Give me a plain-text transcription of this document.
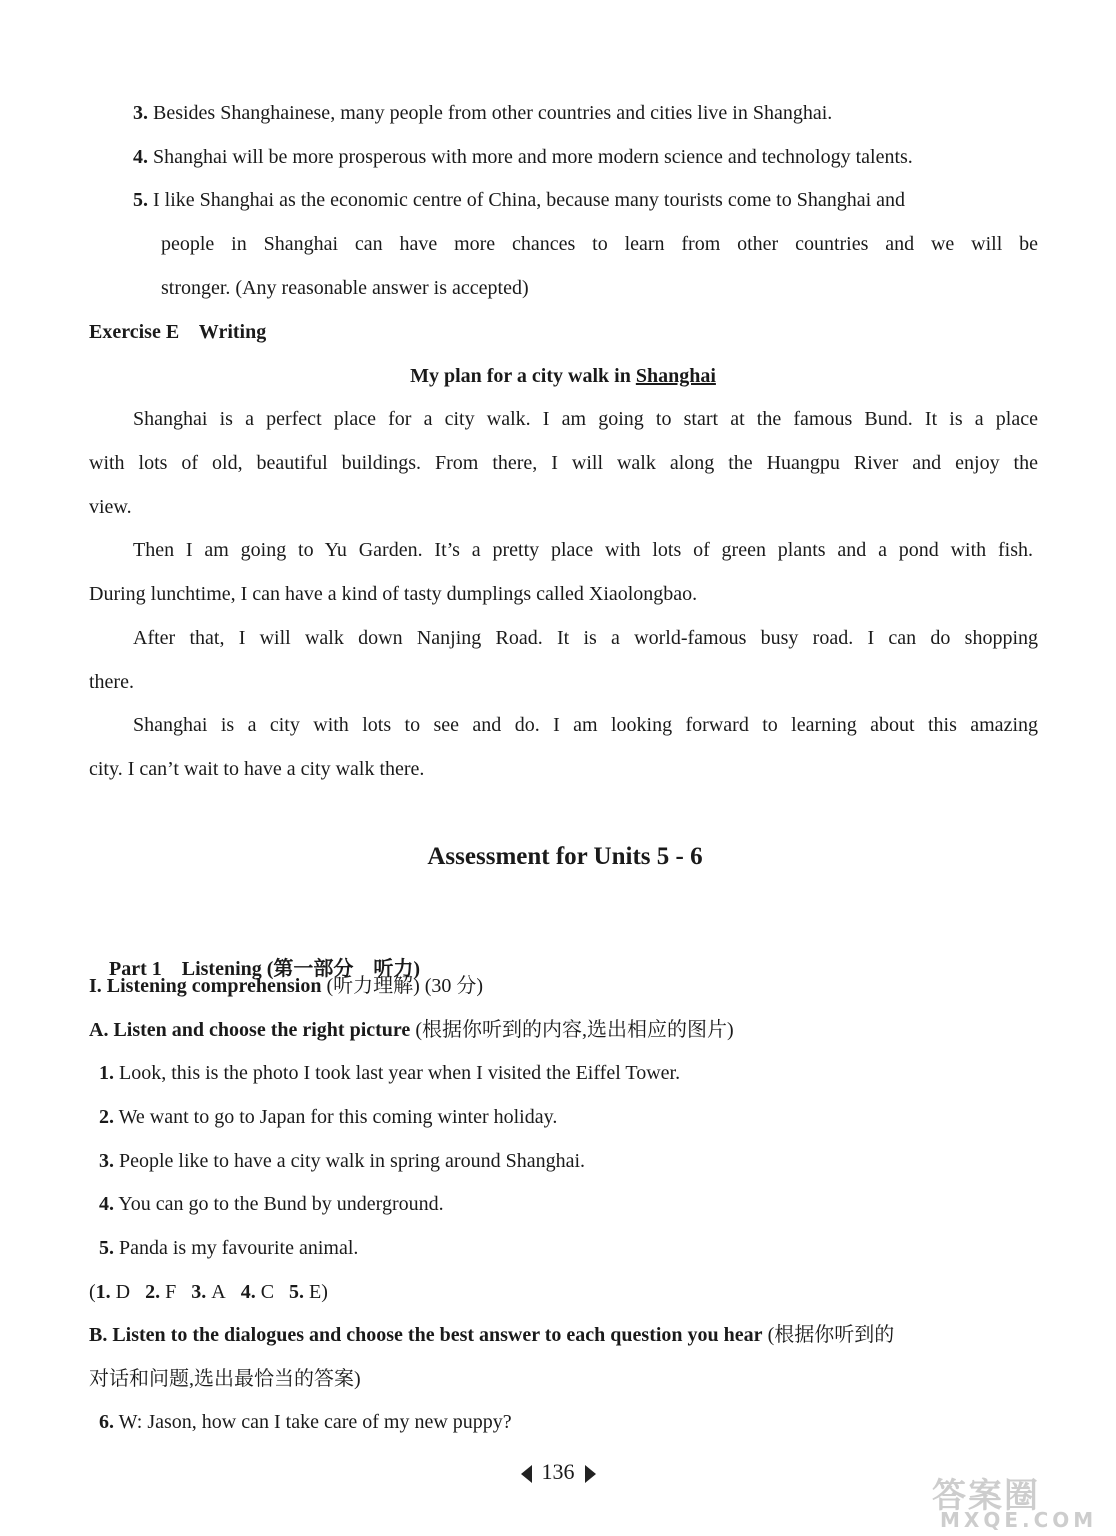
3. Besides Shanghainese, many people from other countries and cities live in Shanghai.
4. Shanghai will be more prosperous with more and more modern science and technology talents.
5. I like Shanghai as the economic centre of China, because many tourists come to Shanghai and
people in Shanghai can have more chances to learn from other countries and we will be
stronger. (Any reasonable answer is accepted)
Exercise E    Writing
My plan for a city walk in Shanghai
Shanghai is a perfect place for a city walk. I am going to start at the famous Bund. It is a place
with lots of old, beautiful buildings. From there, I will walk along the Huangpu River and enjoy the
view.
Then I am going to Yu Garden. It’s a pretty place with lots of green plants and a pond with fish.
During lunchtime, I can have a kind of tasty dumplings called Xiaolongbao.
After that, I will walk down Nanjing Road. It is a world-famous busy road. I can do shopping
there.
Shanghai is a city with lots to see and do. I am looking forward to learning about this amazing
city. I can’t wait to have a city walk there.
Assessment for Units 5 - 6

Part 1    Listening (第一部分    听力)

I. Listening comprehension (听力理解) (30 分)
A. Listen and choose the right picture (根据你听到的内容,选出相应的图片)
1. Look, this is the photo I took last year when I visited the Eiffel Tower.
2. We want to go to Japan for this coming winter holiday.
3. People like to have a city walk in spring around Shanghai.
4. You can go to the Bund by underground.
5. Panda is my favourite animal.
(1. D 2. F 3. A 4. C 5. E)
B. Listen to the dialogues and choose the best answer to each question you hear (根据你听到的
对话和问题,选出最恰当的答案)
6. W: Jason, how can I take care of my new puppy?
136
答案圈
MXQE.COM
